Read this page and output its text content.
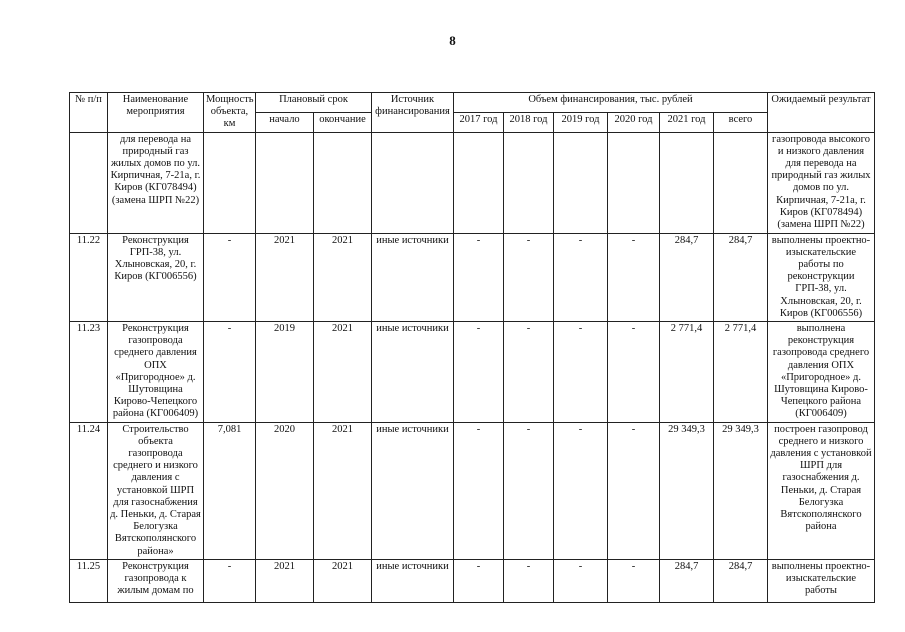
8
№ п/п	Наименование мероприятия	Мощность объекта, км	Плановый срок		Источник финансирования	Объем финансирования, тыс. рублей						Ожидаемый результат
			начало	окончание		2017 год	2018 год	2019 год	2020 год	2021 год	всего	
	для перевода на природный газ жилых домов по ул. Кирпичная, 7-21а, г. Киров (КГ078494) (замена ШРП №22)											газопровода высокого и низкого давления для перевода на природный газ жилых домов по ул. Кирпичная, 7-21а, г. Киров (КГ078494) (замена ШРП №22)
11.22	Реконструкция ГРП-38, ул. Хлыновская, 20, г. Киров (КГ006556)	-	2021	2021	иные источники	-	-	-	-	284,7	284,7	выполнены проектно-изыскательские работы по реконструкции ГРП-38, ул. Хлыновская, 20, г. Киров (КГ006556)
11.23	Реконструкция газопровода среднего давления ОПХ «Пригородное» д. Шутовщина Кирово-Чепецкого района (КГ006409)	-	2019	2021	иные источники	-	-	-	-	2 771,4	2 771,4	выполнена реконструкция газопровода среднего давления ОПХ «Пригородное» д. Шутовщина Кирово-Чепецкого района (КГ006409)
11.24	Строительство объекта газопровода среднего и низкого давления с установкой ШРП для газоснабжения д. Пеньки, д. Старая Белогузка Вятскополянского района»	7,081	2020	2021	иные источники	-	-	-	-	29 349,3	29 349,3	построен газопровод среднего и низкого давления с установкой ШРП для газоснабжения д. Пеньки, д. Старая Белогузка Вятскополянского района
11.25	Реконструкция газопровода к жилым домам по	-	2021	2021	иные источники	-	-	-	-	284,7	284,7	выполнены проектно-изыскательские работы
